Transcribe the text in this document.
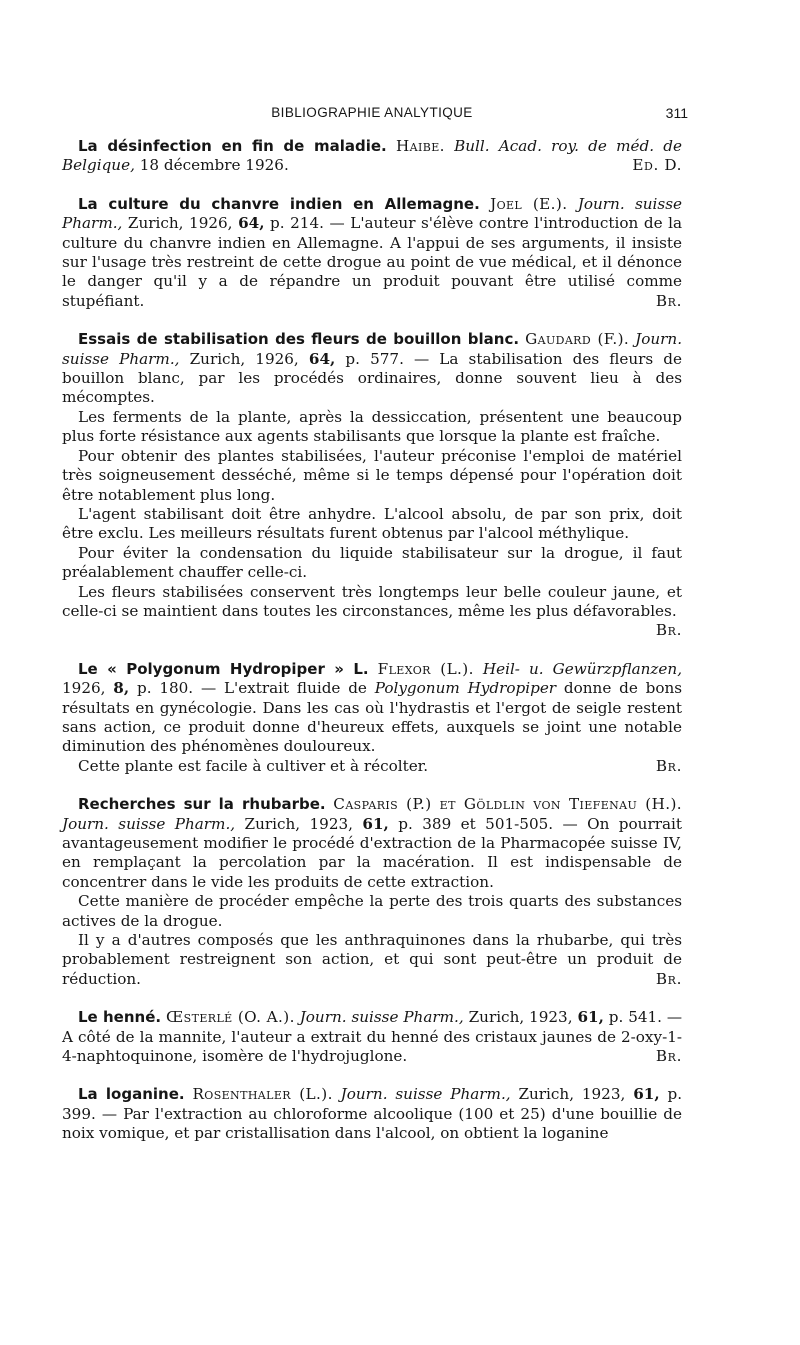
BIBLIOGRAPHIE ANALYTIQUE	311

La désinfection en fin de maladie. Haibe. Bull. Acad. roy. de méd. de Belgique, 18 décembre 1926.	Ed. D.

La culture du chanvre indien en Allemagne. Joel (E.). Journ. suisse Pharm., Zurich, 1926, 64, p. 214. — L'auteur s'élève contre l'introduction de la culture du chanvre indien en Allemagne. A l'appui de ses arguments, il insiste sur l'usage très restreint de cette drogue au point de vue médical, et il dénonce le danger qu'il y a de répandre un produit pouvant être utilisé comme stupéfiant.	Br.

Essais de stabilisation des fleurs de bouillon blanc. Gaudard (F.). Journ. suisse Pharm., Zurich, 1926, 64, p. 577. — La stabilisation des fleurs de bouillon blanc, par les procédés ordinaires, donne souvent lieu à des mécomptes.

Les ferments de la plante, après la dessiccation, présentent une beaucoup plus forte résistance aux agents stabilisants que lorsque la plante est fraîche.

Pour obtenir des plantes stabilisées, l'auteur préconise l'emploi de matériel très soigneusement desséché, même si le temps dépensé pour l'opération doit être notablement plus long.

L'agent stabilisant doit être anhydre. L'alcool absolu, de par son prix, doit être exclu. Les meilleurs résultats furent obtenus par l'alcool méthylique.

Pour éviter la condensation du liquide stabilisateur sur la drogue, il faut préalablement chauffer celle-ci.

Les fleurs stabilisées conservent très longtemps leur belle couleur jaune, et celle-ci se maintient dans toutes les circonstances, même les plus défavorables.
Br.

Le « Polygonum Hydropiper » L. Flexor (L.). Heil- u. Gewürzpflanzen, 1926, 8, p. 180. — L'extrait fluide de Polygonum Hydropiper donne de bons résultats en gynécologie. Dans les cas où l'hydrastis et l'ergot de seigle restent sans action, ce produit donne d'heureux effets, auxquels se joint une notable diminution des phénomènes douloureux.

Cette plante est facile à cultiver et à récolter.	Br.

Recherches sur la rhubarbe. Casparis (P.) et Göldlin von Tiefenau (H.). Journ. suisse Pharm., Zurich, 1923, 61, p. 389 et 501-505. — On pourrait avantageusement modifier le procédé d'extraction de la Pharmacopée suisse IV, en remplaçant la percolation par la macération. Il est indispensable de concentrer dans le vide les produits de cette extraction.

Cette manière de procéder empêche la perte des trois quarts des substances actives de la drogue.

Il y a d'autres composés que les anthraquinones dans la rhubarbe, qui très probablement restreignent son action, et qui sont peut-être un produit de réduction.	Br.

Le henné. Œsterlé (O. A.). Journ. suisse Pharm., Zurich, 1923, 61, p. 541. — A côté de la mannite, l'auteur a extrait du henné des cristaux jaunes de 2-oxy-1-4-naphtoquinone, isomère de l'hydrojuglone.	Br.

La loganine. Rosenthaler (L.). Journ. suisse Pharm., Zurich, 1923, 61, p. 399. — Par l'extraction au chloroforme alcoolique (100 et 25) d'une bouillie de noix vomique, et par cristallisation dans l'alcool, on obtient la loganine
